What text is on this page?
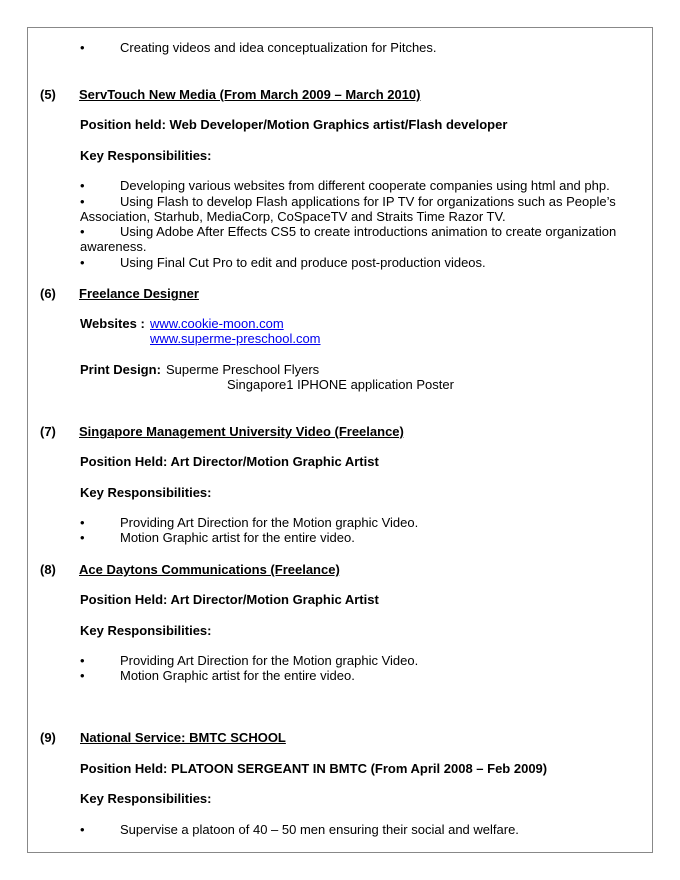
•	Creating videos and idea conceptualization for Pitches.
(5) ServTouch New Media (From March 2009 – March 2010)
Position held: Web Developer/Motion Graphics artist/Flash developer
Key Responsibilities:
•	Developing various websites from different cooperate companies using html and php.
•	Using Flash to develop Flash applications for IP TV for organizations such as People’s
Association, Starhub, MediaCorp, CoSpaceTV and Straits Time Razor TV.
•	Using Adobe After Effects CS5 to create introductions animation to create organization
awareness.
•	Using Final Cut Pro to edit and produce post-production videos.
(6) Freelance Designer
Websites : www.cookie-moon.com
www.superme-preschool.com
Print Design: Superme Preschool Flyers
Singapore1 IPHONE application Poster
(7) Singapore Management University Video (Freelance)
Position Held: Art Director/Motion Graphic Artist
Key Responsibilities:
•	Providing Art Direction for the Motion graphic Video.
•	Motion Graphic artist for the entire video.
(8) Ace Daytons Communications (Freelance)
Position Held: Art Director/Motion Graphic Artist
Key Responsibilities:
•	Providing Art Direction for the Motion graphic Video.
•	Motion Graphic artist for the entire video.
(9) National Service: BMTC SCHOOL
Position Held: PLATOON SERGEANT IN BMTC (From April 2008 – Feb 2009)
Key Responsibilities:
•	Supervise a platoon of 40 – 50 men ensuring their social and welfare.
